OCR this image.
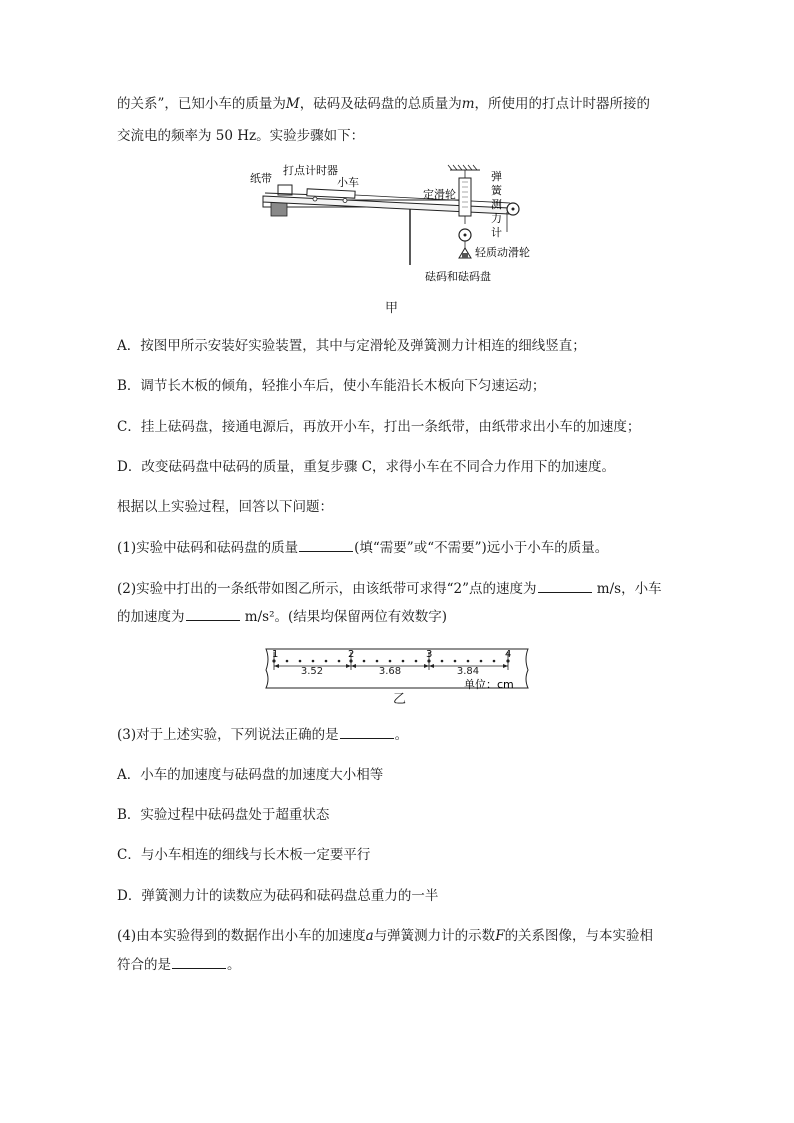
的关系”，已知小车的质量为M，砝码及砝码盘的总质量为m，所使用的打点计时器所接的
交流电的频率为 50 Hz。实验步骤如下：
纸带
打点计时器
小车
定滑轮
弹
簧
测
力
计
轻质动滑轮
砝码和砝码盘
甲
A．按图甲所示安装好实验装置，其中与定滑轮及弹簧测力计相连的细线竖直；
B．调节长木板的倾角，轻推小车后，使小车能沿长木板向下匀速运动；
C．挂上砝码盘，接通电源后，再放开小车，打出一条纸带，由纸带求出小车的加速度；
D．改变砝码盘中砝码的质量，重复步骤 C，求得小车在不同合力作用下的加速度。
根据以上实验过程，回答以下问题：
(1)实验中砝码和砝码盘的质量	(填“需要”或“不需要”)远小于小车的质量。
(2)实验中打出的一条纸带如图乙所示，由该纸带可求得“2”点的速度为	m/s，小车
的加速度为	m/s²。(结果均保留两位有效数字)
1	2	3	4
3.52	3.68	3.84
单位：cm
乙
(3)对于上述实验，下列说法正确的是	。
A．小车的加速度与砝码盘的加速度大小相等
B．实验过程中砝码盘处于超重状态
C．与小车相连的细线与长木板一定要平行
D．弹簧测力计的读数应为砝码和砝码盘总重力的一半
(4)由本实验得到的数据作出小车的加速度a与弹簧测力计的示数F的关系图像，与本实验相
符合的是	。
